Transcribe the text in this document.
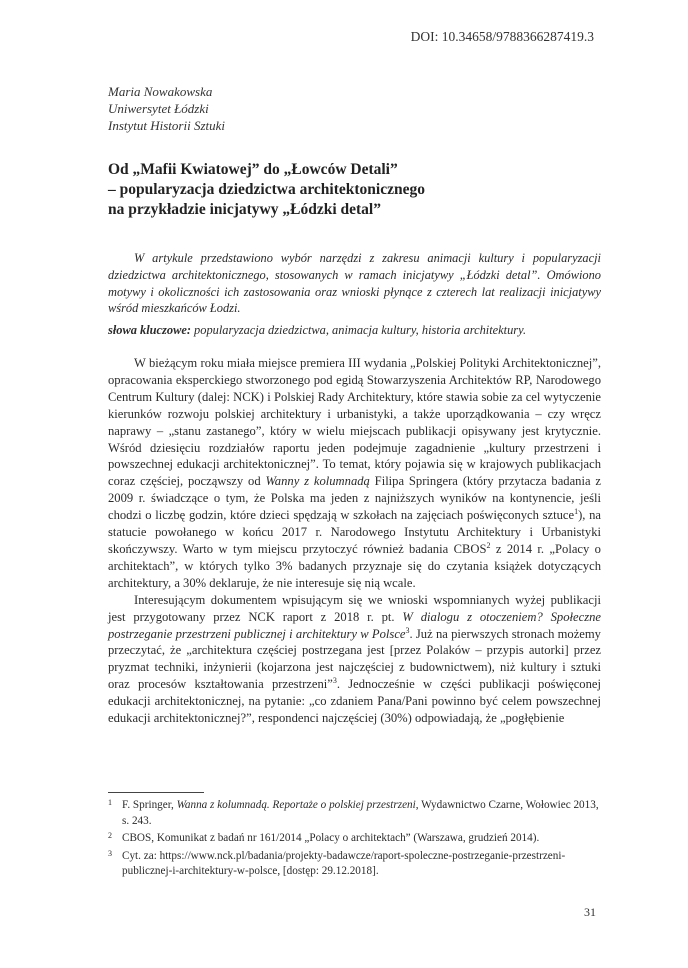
DOI: 10.34658/9788366287419.3
Maria Nowakowska
Uniwersytet Łódzki
Instytut Historii Sztuki
Od „Mafii Kwiatowej” do „Łowców Detali”
– popularyzacja dziedzictwa architektonicznego
na przykładzie inicjatywy „Łódzki detal”
W artykule przedstawiono wybór narzędzi z zakresu animacji kultury i popularyzacji dziedzictwa architektonicznego, stosowanych w ramach inicjatywy „Łódzki detal”. Omówiono motywy i okoliczności ich zastosowania oraz wnioski płynące z czterech lat realizacji inicjatywy wśród mieszkańców Łodzi.
słowa kluczowe: popularyzacja dziedzictwa, animacja kultury, historia architektury.

W bieżącym roku miała miejsce premiera III wydania „Polskiej Polityki Architektonicznej”, opracowania eksperckiego stworzonego pod egidą Stowarzyszenia Architektów RP, Narodowego Centrum Kultury (dalej: NCK) i Polskiej Rady Architektury, które stawia sobie za cel wytyczenie kierunków rozwoju polskiej architektury i urbanistyki, a także uporządkowania – czy wręcz naprawy – „stanu zastanego”, który w wielu miejscach publikacji opisywany jest krytycznie. Wśród dziesięciu rozdziałów raportu jeden podejmuje zagadnienie „kultury przestrzeni i powszechnej edukacji architektonicznej”. To temat, który pojawia się w krajowych publikacjach coraz częściej, począwszy od Wanny z kolumnadą Filipa Springera (który przytacza badania z 2009 r. świadczące o tym, że Polska ma jeden z najniższych wyników na kontynencie, jeśli chodzi o liczbę godzin, które dzieci spędzają w szkołach na zajęciach poświęconych sztuce$^1$), na statucie powołanego w końcu 2017 r. Narodowego Instytutu Architektury i Urbanistyki skończywszy. Warto w tym miejscu przytoczyć również badania CBOS$^2$ z 2014 r. „Polacy o architektach”, w których tylko 3% badanych przyznaje się do czytania książek dotyczących architektury, a 30% deklaruje, że nie interesuje się nią wcale.

Interesującym dokumentem wpisującym się we wnioski wspomnianych wyżej publikacji jest przygotowany przez NCK raport z 2018 r. pt. W dialogu z otoczeniem? Społeczne postrzeganie przestrzeni publicznej i architektury w Polsce$^3$. Już na pierwszych stronach możemy przeczytać, że „architektura częściej postrzegana jest [przez Polaków – przypis autorki] przez pryzmat techniki, inżynierii (kojarzona jest najczęściej z budownictwem), niż kultury i sztuki oraz procesów kształtowania przestrzeni”$^3$. Jednocześnie w części publikacji poświęconej edukacji architektonicznej, na pytanie: „co zdaniem Pana/Pani powinno być celem powszechnej edukacji architektonicznej?”, respondenci najczęściej (30%) odpowiadają, że „pogłębienie

1 F. Springer, Wanna z kolumnadą. Reportaże o polskiej przestrzeni, Wydawnictwo Czarne, Wołowiec 2013, s. 243.
2 CBOS, Komunikat z badań nr 161/2014 „Polacy o architektach” (Warszawa, grudzień 2014).
3 Cyt. za: https://www.nck.pl/badania/projekty-badawcze/raport-spoleczne-postrzeganie-przestrzeni-publicznej-i-architektury-w-polsce, [dostęp: 29.12.2018].
31
